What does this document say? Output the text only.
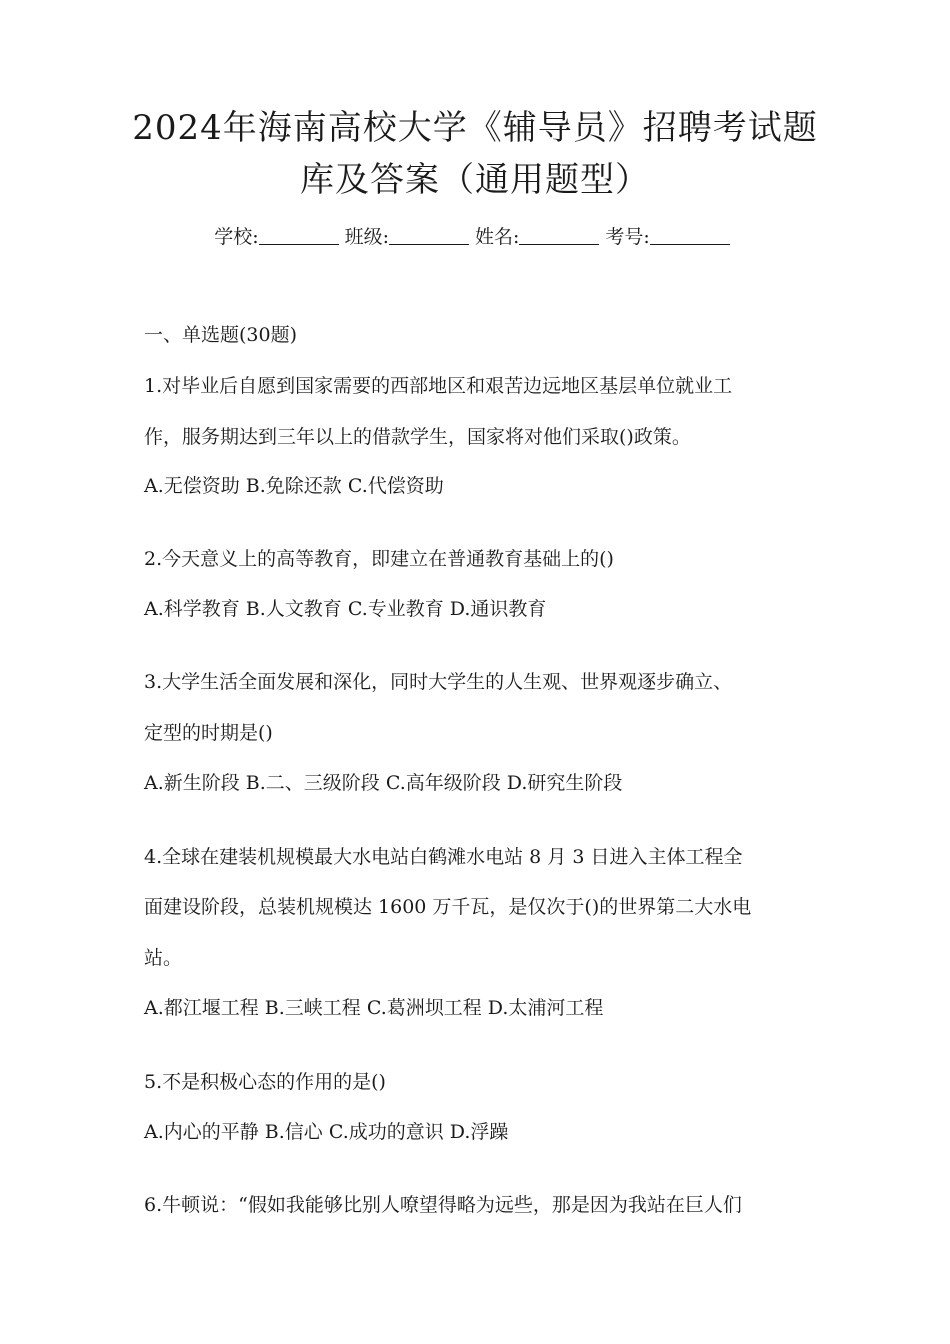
2024年海南高校大学《辅导员》招聘考试题
库及答案（通用题型）
学校:	班级:	姓名:	考号:
一、单选题(30题)
1.对毕业后自愿到国家需要的西部地区和艰苦边远地区基层单位就业工
作，服务期达到三年以上的借款学生，国家将对他们采取()政策。
A.无偿资助 B.免除还款 C.代偿资助
2.今天意义上的高等教育，即建立在普通教育基础上的()
A.科学教育 B.人文教育 C.专业教育 D.通识教育
3.大学生活全面发展和深化，同时大学生的人生观、世界观逐步确立、
定型的时期是()
A.新生阶段 B.二、三级阶段 C.高年级阶段 D.研究生阶段
4.全球在建装机规模最大水电站白鹤滩水电站 8 月 3 日进入主体工程全
面建设阶段，总装机规模达 1600 万千瓦，是仅次于()的世界第二大水电
站。
A.都江堰工程 B.三峡工程 C.葛洲坝工程 D.太浦河工程
5.不是积极心态的作用的是()
A.内心的平静 B.信心 C.成功的意识 D.浮躁
6.牛顿说：“假如我能够比别人嘹望得略为远些，那是因为我站在巨人们
